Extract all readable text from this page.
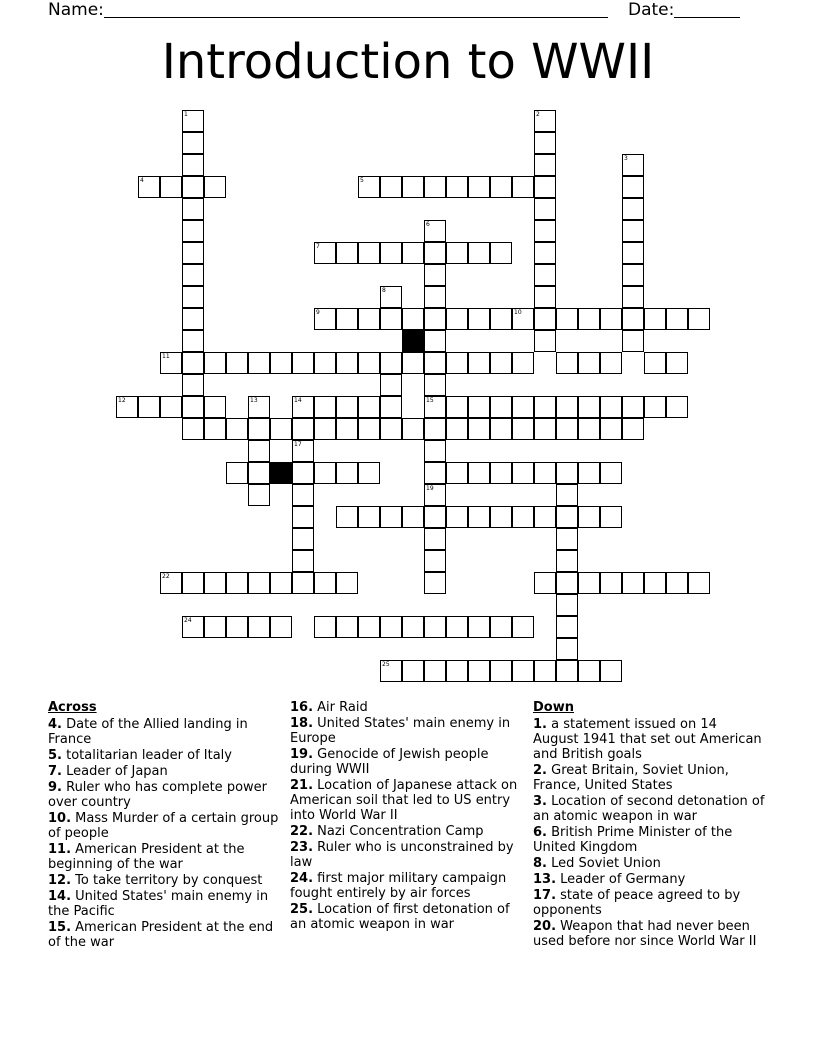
Name:	Date:
Introduction to WWII
1
4	5
2
3
7
6
15
19
9
8
10
11
12	13	14
17
22
24
25
Across
4. Date of the Allied landing in France
5. totalitarian leader of Italy
7. Leader of Japan
9. Ruler who has complete power over country
10. Mass Murder of a certain group of people
11. American President at the beginning of the war
12. To take territory by conquest
14. United States' main enemy in the Pacific
15. American President at the end of the war
16. Air Raid
18. United States' main enemy in Europe
19. Genocide of Jewish people during WWII
21. Location of Japanese attack on American soil that led to US entry into World War II
22. Nazi Concentration Camp
23. Ruler who is unconstrained by law
24. first major military campaign fought entirely by air forces
25. Location of first detonation of an atomic weapon in war
Down
1. a statement issued on 14 August 1941 that set out American and British goals
2. Great Britain, Soviet Union, France, United States
3. Location of second detonation of an atomic weapon in war
6. British Prime Minister of the United Kingdom
8. Led Soviet Union
13. Leader of Germany
17. state of peace agreed to by opponents
20. Weapon that had never been used before nor since World War II
